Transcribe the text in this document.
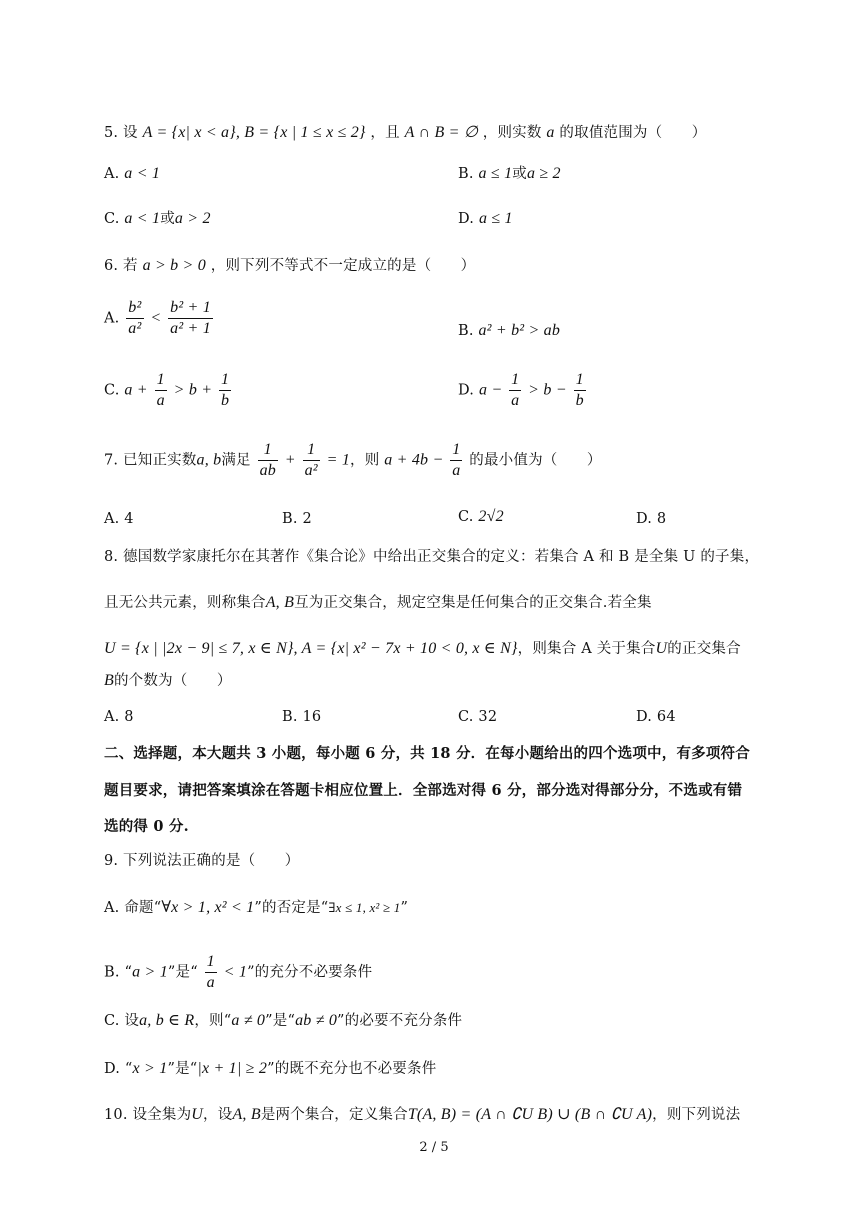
5. 设 A = {x| x < a}, B = {x | 1 ≤ x ≤ 2} ，且 A ∩ B = ∅ ，则实数 a 的取值范围为（　　）
A. a < 1	B. a ≤ 1或a ≥ 2
C. a < 1或a > 2	D. a ≤ 1
6. 若 a > b > 0 ，则下列不等式不一定成立的是（　　）
A. $\frac{\text{b²}}{\text{a²}} < \frac{\text{b² + 1}}{\text{a² + 1}}$	B. a² + b² > ab
C. $a + \frac{1}{a} > b + \frac{1}{b}$	D. $a - \frac{1}{a} > b - \frac{1}{b}$
7. 已知正实数a, b满足 $\frac{1}{ab} + \frac{1}{\text{a²}} = 1$，则 $a + 4b - \frac{1}{a}$ 的最小值为（　　）
A. 4	B. 2	C. 2√2	D. 8
8. 德国数学家康托尔在其著作《集合论》中给出正交集合的定义：若集合 A 和 B 是全集 U 的子集，
且无公共元素，则称集合A, B互为正交集合，规定空集是任何集合的正交集合.若全集
U = {x | |2x − 9| ≤ 7, x ∈ N}, A = {x| x² − 7x + 10 < 0, x ∈ N}，则集合 A 关于集合U的正交集合
B的个数为（　　）
A. 8	B. 16	C. 32	D. 64
二、选择题，本大题共 3 小题，每小题 6 分，共 18 分．在每小题给出的四个选项中，有多项符合
题目要求，请把答案填涂在答题卡相应位置上．全部选对得 6 分，部分选对得部分分，不选或有错
选的得 0 分.
9. 下列说法正确的是（　　）
A. 命题“∀x > 1, x² < 1”的否定是“∃x ≤ 1, x² ≥ 1”
B. “a > 1”是“ $\frac{1}{a} < 1$”的充分不必要条件
C. 设a, b ∈ R，则“a ≠ 0”是“ab ≠ 0”的必要不充分条件
D. “x > 1”是“|x + 1| ≥ 2”的既不充分也不必要条件
10. 设全集为U，设A, B是两个集合，定义集合T(A, B) = (A ∩ ∁U B) ∪ (B ∩ ∁U A)，则下列说法
2 / 5
